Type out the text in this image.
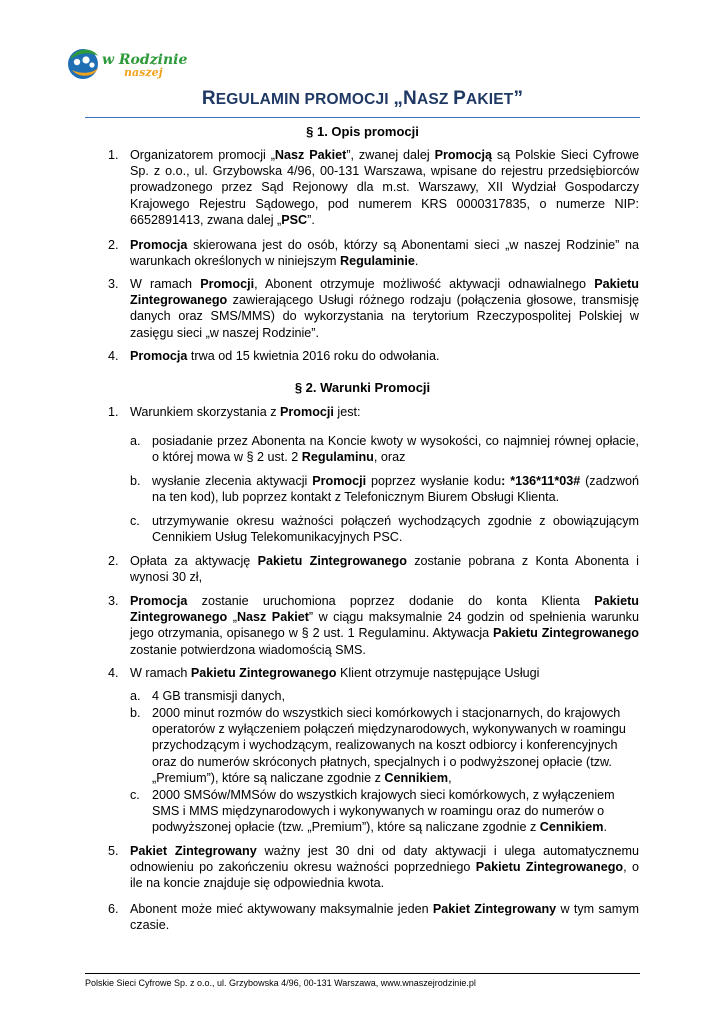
w Rodzinie
naszej
REGULAMIN PROMOCJI „NASZ PAKIET”
§ 1. Opis promocji
1. Organizatorem promocji „Nasz Pakiet”, zwanej dalej Promocją są Polskie Sieci Cyfrowe Sp. z o.o., ul. Grzybowska 4/96, 00-131 Warszawa, wpisane do rejestru przedsiębiorców prowadzonego przez Sąd Rejonowy dla m.st. Warszawy, XII Wydział Gospodarczy Krajowego Rejestru Sądowego, pod numerem KRS 0000317835, o numerze NIP: 6652891413, zwana dalej „PSC”.
2. Promocja skierowana jest do osób, którzy są Abonentami sieci „w naszej Rodzinie” na warunkach określonych w niniejszym Regulaminie.
3. W ramach Promocji, Abonent otrzymuje możliwość aktywacji odnawialnego Pakietu Zintegrowanego zawierającego Usługi różnego rodzaju (połączenia głosowe, transmisję danych oraz SMS/MMS) do wykorzystania na terytorium Rzeczypospolitej Polskiej w zasięgu sieci „w naszej Rodzinie”.
4. Promocja trwa od 15 kwietnia 2016 roku do odwołania.
§ 2. Warunki Promocji
1. Warunkiem skorzystania z Promocji jest:
a. posiadanie przez Abonenta na Koncie kwoty w wysokości, co najmniej równej opłacie, o której mowa w § 2 ust. 2 Regulaminu, oraz
b. wysłanie zlecenia aktywacji Promocji poprzez wysłanie kodu: *136*11*03# (zadzwoń na ten kod), lub poprzez kontakt z Telefonicznym Biurem Obsługi Klienta.
c. utrzymywanie okresu ważności połączeń wychodzących zgodnie z obowiązującym Cennikiem Usług Telekomunikacyjnych PSC.
2. Opłata za aktywację Pakietu Zintegrowanego zostanie pobrana z Konta Abonenta i wynosi 30 zł,
3. Promocja zostanie uruchomiona poprzez dodanie do konta Klienta Pakietu Zintegrowanego „Nasz Pakiet” w ciągu maksymalnie 24 godzin od spełnienia warunku jego otrzymania, opisanego w § 2 ust. 1 Regulaminu. Aktywacja Pakietu Zintegrowanego zostanie potwierdzona wiadomością SMS.
4. W ramach Pakietu Zintegrowanego Klient otrzymuje następujące Usługi
a. 4 GB transmisji danych,
b. 2000 minut rozmów do wszystkich sieci komórkowych i stacjonarnych, do krajowych operatorów z wyłączeniem połączeń międzynarodowych, wykonywanych w roamingu przychodzącym i wychodzącym, realizowanych na koszt odbiorcy i konferencyjnych oraz do numerów skróconych płatnych, specjalnych i o podwyższonej opłacie (tzw. „Premium”), które są naliczane zgodnie z Cennikiem,
c. 2000 SMSów/MMSów do wszystkich krajowych sieci komórkowych, z wyłączeniem SMS i MMS międzynarodowych i wykonywanych w roamingu oraz do numerów o podwyższonej opłacie (tzw. „Premium”), które są naliczane zgodnie z Cennikiem.
5. Pakiet Zintegrowany ważny jest 30 dni od daty aktywacji i ulega automatycznemu odnowieniu po zakończeniu okresu ważności poprzedniego Pakietu Zintegrowanego, o ile na koncie znajduje się odpowiednia kwota.
6. Abonent może mieć aktywowany maksymalnie jeden Pakiet Zintegrowany w tym samym czasie.
Polskie Sieci Cyfrowe Sp. z o.o., ul. Grzybowska 4/96, 00-131 Warszawa, www.wnaszejrodzinie.pl
